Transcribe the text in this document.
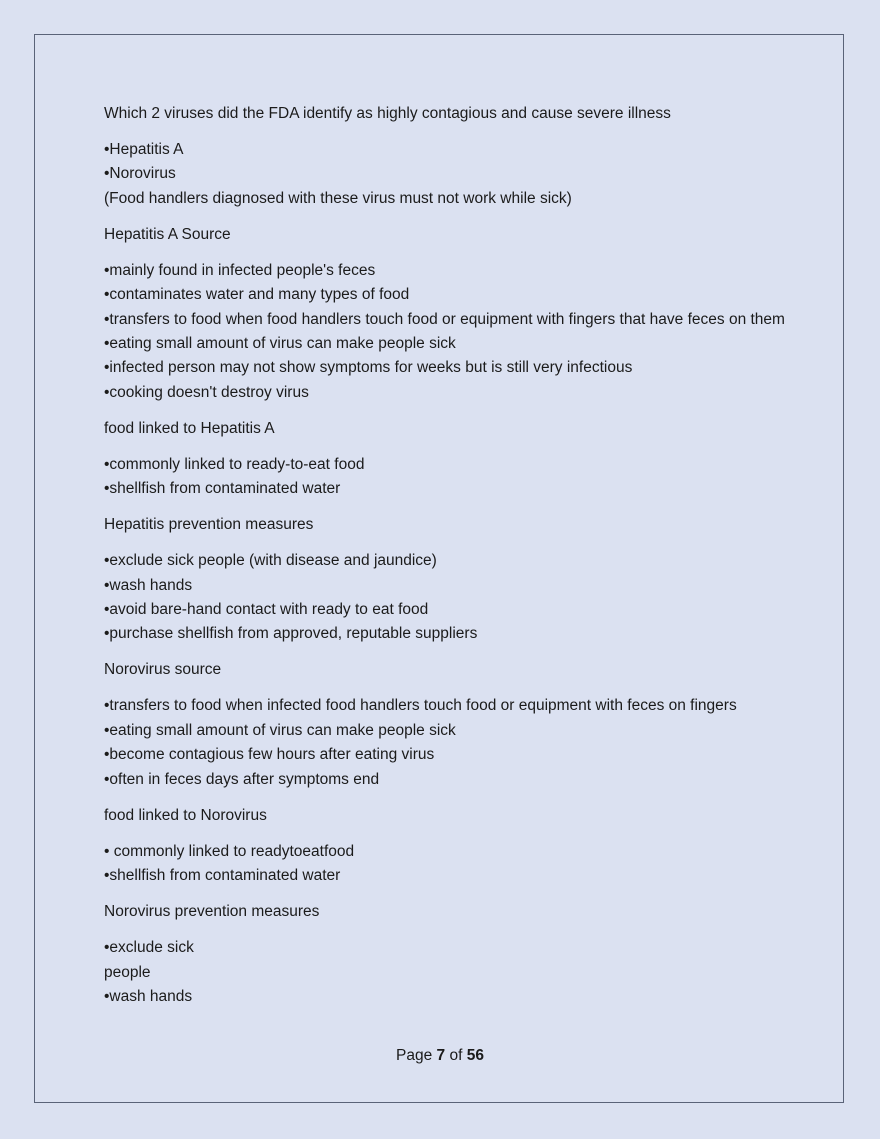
Which 2 viruses did the FDA identify as highly contagious and cause severe illness

•Hepatitis A
•Norovirus
(Food handlers diagnosed with these virus must not work while sick)

Hepatitis A Source

•mainly found in infected people's feces
•contaminates water and many types of food
•transfers to food when food handlers touch food or equipment with fingers that have feces on them
•eating small amount of virus can make people sick
•infected person may not show symptoms for weeks but is still very infectious
•cooking doesn't destroy virus

food linked to Hepatitis A

•commonly linked to ready-to-eat food
•shellfish from contaminated water

Hepatitis prevention measures

•exclude sick people (with disease and jaundice)
•wash hands
•avoid bare-hand contact with ready to eat food
•purchase shellfish from approved, reputable suppliers

Norovirus source

•transfers to food when infected food handlers touch food or equipment with feces on fingers
•eating small amount of virus can make people sick
•become contagious few hours after eating virus
•often in feces days after symptoms end

food linked to Norovirus

• commonly linked to readytoeatfood
•shellfish from contaminated water

Norovirus prevention measures

•exclude sick
people
•wash hands
Page 7 of 56
